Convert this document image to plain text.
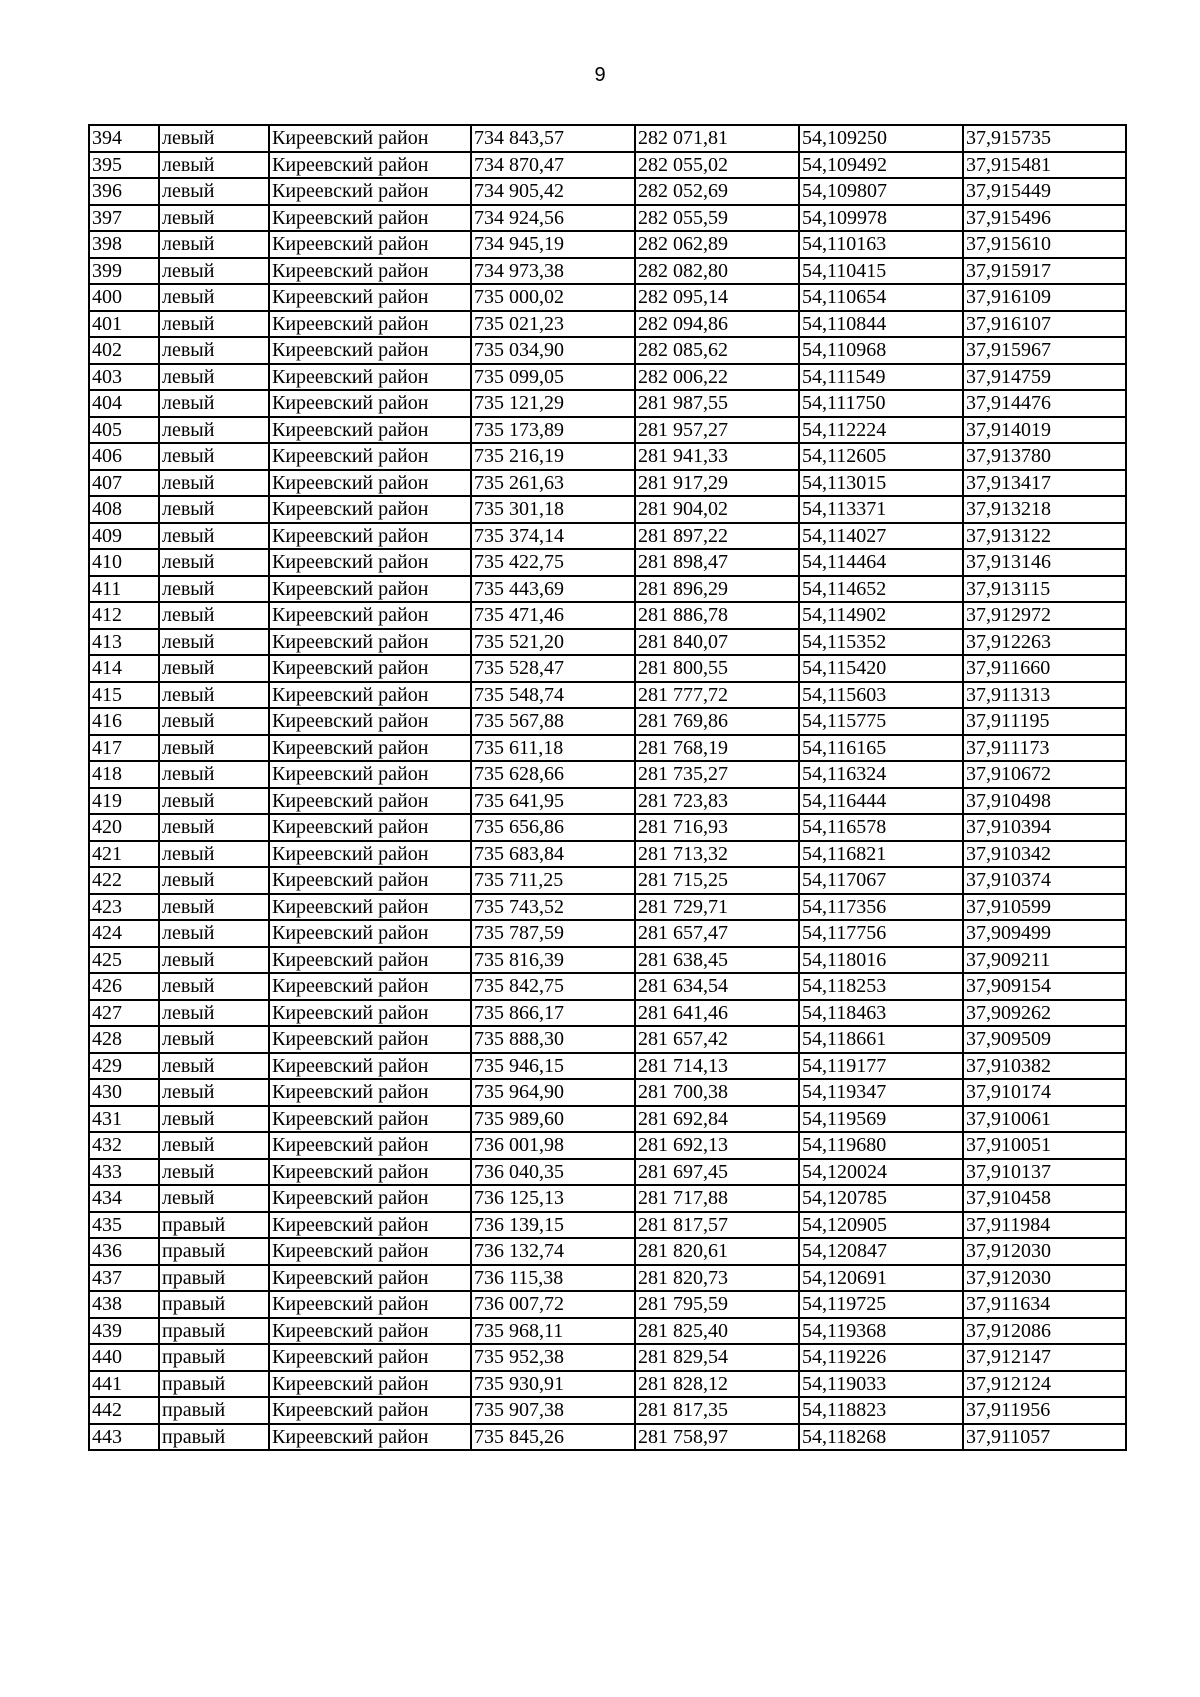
9
394	левый	Киреевский район	734 843,57	282 071,81	54,109250	37,915735
395	левый	Киреевский район	734 870,47	282 055,02	54,109492	37,915481
396	левый	Киреевский район	734 905,42	282 052,69	54,109807	37,915449
397	левый	Киреевский район	734 924,56	282 055,59	54,109978	37,915496
398	левый	Киреевский район	734 945,19	282 062,89	54,110163	37,915610
399	левый	Киреевский район	734 973,38	282 082,80	54,110415	37,915917
400	левый	Киреевский район	735 000,02	282 095,14	54,110654	37,916109
401	левый	Киреевский район	735 021,23	282 094,86	54,110844	37,916107
402	левый	Киреевский район	735 034,90	282 085,62	54,110968	37,915967
403	левый	Киреевский район	735 099,05	282 006,22	54,111549	37,914759
404	левый	Киреевский район	735 121,29	281 987,55	54,111750	37,914476
405	левый	Киреевский район	735 173,89	281 957,27	54,112224	37,914019
406	левый	Киреевский район	735 216,19	281 941,33	54,112605	37,913780
407	левый	Киреевский район	735 261,63	281 917,29	54,113015	37,913417
408	левый	Киреевский район	735 301,18	281 904,02	54,113371	37,913218
409	левый	Киреевский район	735 374,14	281 897,22	54,114027	37,913122
410	левый	Киреевский район	735 422,75	281 898,47	54,114464	37,913146
411	левый	Киреевский район	735 443,69	281 896,29	54,114652	37,913115
412	левый	Киреевский район	735 471,46	281 886,78	54,114902	37,912972
413	левый	Киреевский район	735 521,20	281 840,07	54,115352	37,912263
414	левый	Киреевский район	735 528,47	281 800,55	54,115420	37,911660
415	левый	Киреевский район	735 548,74	281 777,72	54,115603	37,911313
416	левый	Киреевский район	735 567,88	281 769,86	54,115775	37,911195
417	левый	Киреевский район	735 611,18	281 768,19	54,116165	37,911173
418	левый	Киреевский район	735 628,66	281 735,27	54,116324	37,910672
419	левый	Киреевский район	735 641,95	281 723,83	54,116444	37,910498
420	левый	Киреевский район	735 656,86	281 716,93	54,116578	37,910394
421	левый	Киреевский район	735 683,84	281 713,32	54,116821	37,910342
422	левый	Киреевский район	735 711,25	281 715,25	54,117067	37,910374
423	левый	Киреевский район	735 743,52	281 729,71	54,117356	37,910599
424	левый	Киреевский район	735 787,59	281 657,47	54,117756	37,909499
425	левый	Киреевский район	735 816,39	281 638,45	54,118016	37,909211
426	левый	Киреевский район	735 842,75	281 634,54	54,118253	37,909154
427	левый	Киреевский район	735 866,17	281 641,46	54,118463	37,909262
428	левый	Киреевский район	735 888,30	281 657,42	54,118661	37,909509
429	левый	Киреевский район	735 946,15	281 714,13	54,119177	37,910382
430	левый	Киреевский район	735 964,90	281 700,38	54,119347	37,910174
431	левый	Киреевский район	735 989,60	281 692,84	54,119569	37,910061
432	левый	Киреевский район	736 001,98	281 692,13	54,119680	37,910051
433	левый	Киреевский район	736 040,35	281 697,45	54,120024	37,910137
434	левый	Киреевский район	736 125,13	281 717,88	54,120785	37,910458
435	правый	Киреевский район	736 139,15	281 817,57	54,120905	37,911984
436	правый	Киреевский район	736 132,74	281 820,61	54,120847	37,912030
437	правый	Киреевский район	736 115,38	281 820,73	54,120691	37,912030
438	правый	Киреевский район	736 007,72	281 795,59	54,119725	37,911634
439	правый	Киреевский район	735 968,11	281 825,40	54,119368	37,912086
440	правый	Киреевский район	735 952,38	281 829,54	54,119226	37,912147
441	правый	Киреевский район	735 930,91	281 828,12	54,119033	37,912124
442	правый	Киреевский район	735 907,38	281 817,35	54,118823	37,911956
443	правый	Киреевский район	735 845,26	281 758,97	54,118268	37,911057
